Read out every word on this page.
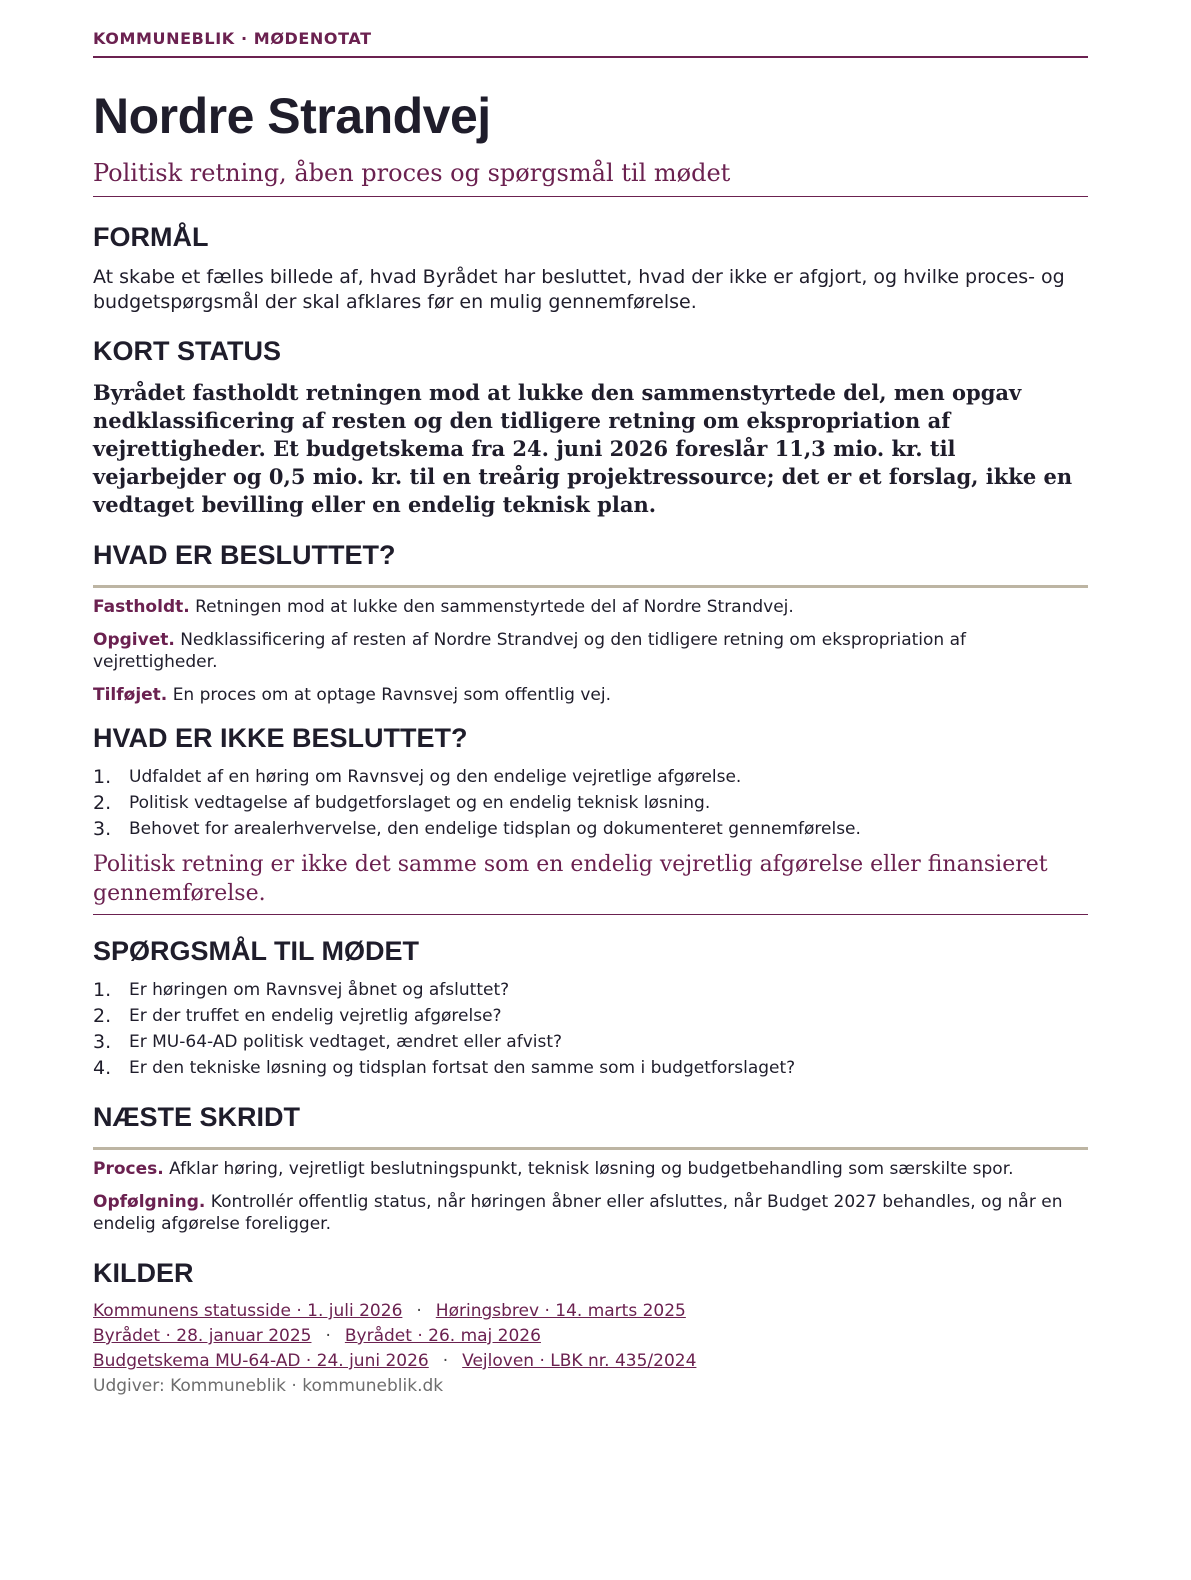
KOMMUNEBLIK · MØDENOTAT
Nordre Strandvej
Politisk retning, åben proces og spørgsmål til mødet
FORMÅL
At skabe et fælles billede af, hvad Byrådet har besluttet, hvad der ikke er afgjort, og hvilke proces- og budgetspørgsmål der skal afklares før en mulig gennemførelse.
KORT STATUS
Byrådet fastholdt retningen mod at lukke den sammenstyrtede del, men opgav nedklassificering af resten og den tidligere retning om ekspropriation af vejrettigheder. Et budgetskema fra 24. juni 2026 foreslår 11,3 mio. kr. til vejarbejder og 0,5 mio. kr. til en treårig projektressource; det er et forslag, ikke en vedtaget bevilling eller en endelig teknisk plan.
HVAD ER BESLUTTET?
Fastholdt. Retningen mod at lukke den sammenstyrtede del af Nordre Strandvej.
Opgivet. Nedklassificering af resten af Nordre Strandvej og den tidligere retning om ekspropriation af vejrettigheder.
Tilføjet. En proces om at optage Ravnsvej som offentlig vej.
HVAD ER IKKE BESLUTTET?
1.	Udfaldet af en høring om Ravnsvej og den endelige vejretlige afgørelse.
2.	Politisk vedtagelse af budgetforslaget og en endelig teknisk løsning.
3.	Behovet for arealerhvervelse, den endelige tidsplan og dokumenteret gennemførelse.
Politisk retning er ikke det samme som en endelig vejretlig afgørelse eller finansieret gennemførelse.
SPØRGSMÅL TIL MØDET
1.	Er høringen om Ravnsvej åbnet og afsluttet?
2.	Er der truffet en endelig vejretlig afgørelse?
3.	Er MU-64-AD politisk vedtaget, ændret eller afvist?
4.	Er den tekniske løsning og tidsplan fortsat den samme som i budgetforslaget?
NÆSTE SKRIDT
Proces. Afklar høring, vejretligt beslutningspunkt, teknisk løsning og budgetbehandling som særskilte spor.
Opfølgning. Kontrollér offentlig status, når høringen åbner eller afsluttes, når Budget 2027 behandles, og når en endelig afgørelse foreligger.
KILDER
Kommunens statusside · 1. juli 2026 · Høringsbrev · 14. marts 2025
Byrådet · 28. januar 2025 · Byrådet · 26. maj 2026
Budgetskema MU-64-AD · 24. juni 2026 · Vejloven · LBK nr. 435/2024
Udgiver: Kommuneblik · kommuneblik.dk
